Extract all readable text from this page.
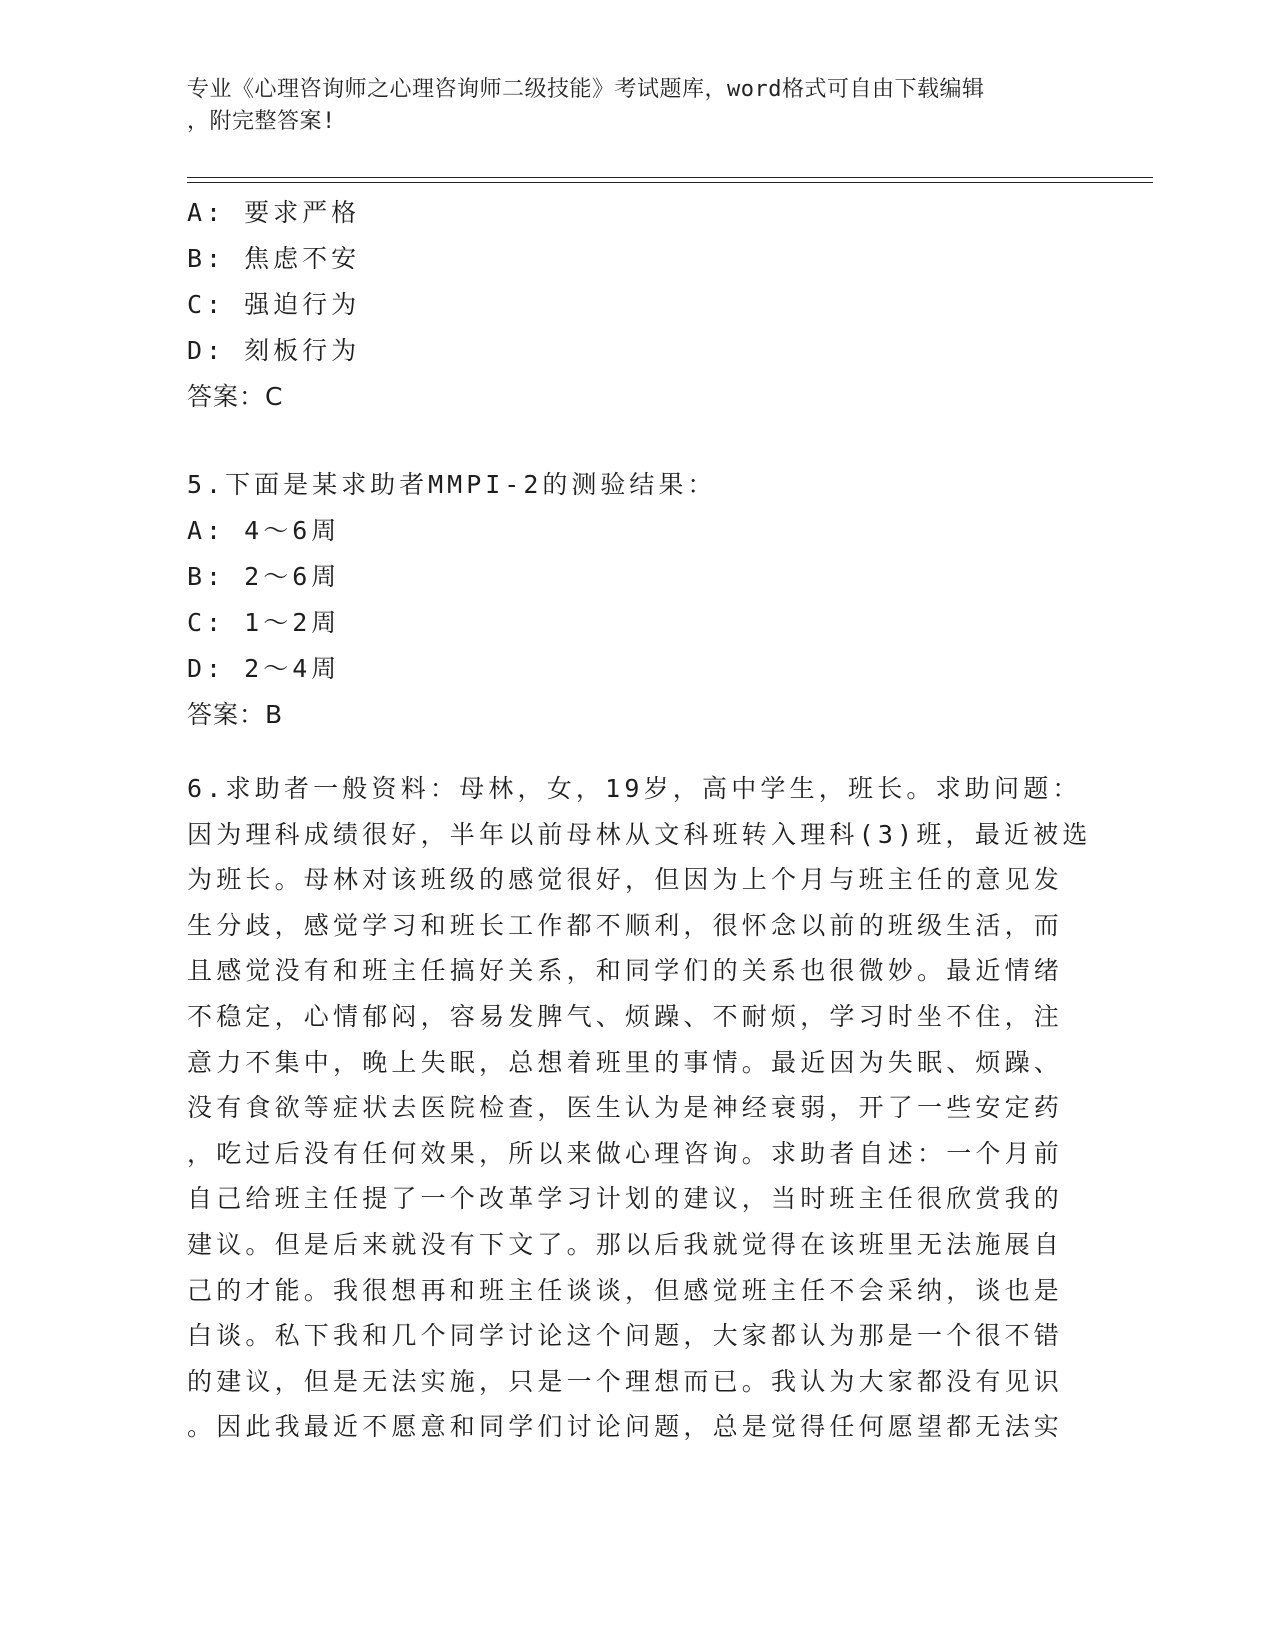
专业《心理咨询师之心理咨询师二级技能》考试题库，word格式可自由下载编辑
，附完整答案!
A: 要求严格
B: 焦虑不安
C: 强迫行为
D: 刻板行为
答案：C
5.下面是某求助者MMPI-2的测验结果：
A: 4～6周
B: 2～6周
C: 1～2周
D: 2～4周
答案：B
6.求助者一般资料：母林，女，19岁，高中学生，班长。求助问题：
因为理科成绩很好，半年以前母林从文科班转入理科(3)班，最近被选
为班长。母林对该班级的感觉很好，但因为上个月与班主任的意见发
生分歧，感觉学习和班长工作都不顺利，很怀念以前的班级生活，而
且感觉没有和班主任搞好关系，和同学们的关系也很微妙。最近情绪
不稳定，心情郁闷，容易发脾气、烦躁、不耐烦，学习时坐不住，注
意力不集中，晚上失眠，总想着班里的事情。最近因为失眠、烦躁、
没有食欲等症状去医院检查，医生认为是神经衰弱，开了一些安定药
，吃过后没有任何效果，所以来做心理咨询。求助者自述：一个月前
自己给班主任提了一个改革学习计划的建议，当时班主任很欣赏我的
建议。但是后来就没有下文了。那以后我就觉得在该班里无法施展自
己的才能。我很想再和班主任谈谈，但感觉班主任不会采纳，谈也是
白谈。私下我和几个同学讨论这个问题，大家都认为那是一个很不错
的建议，但是无法实施，只是一个理想而已。我认为大家都没有见识
。因此我最近不愿意和同学们讨论问题，总是觉得任何愿望都无法实
